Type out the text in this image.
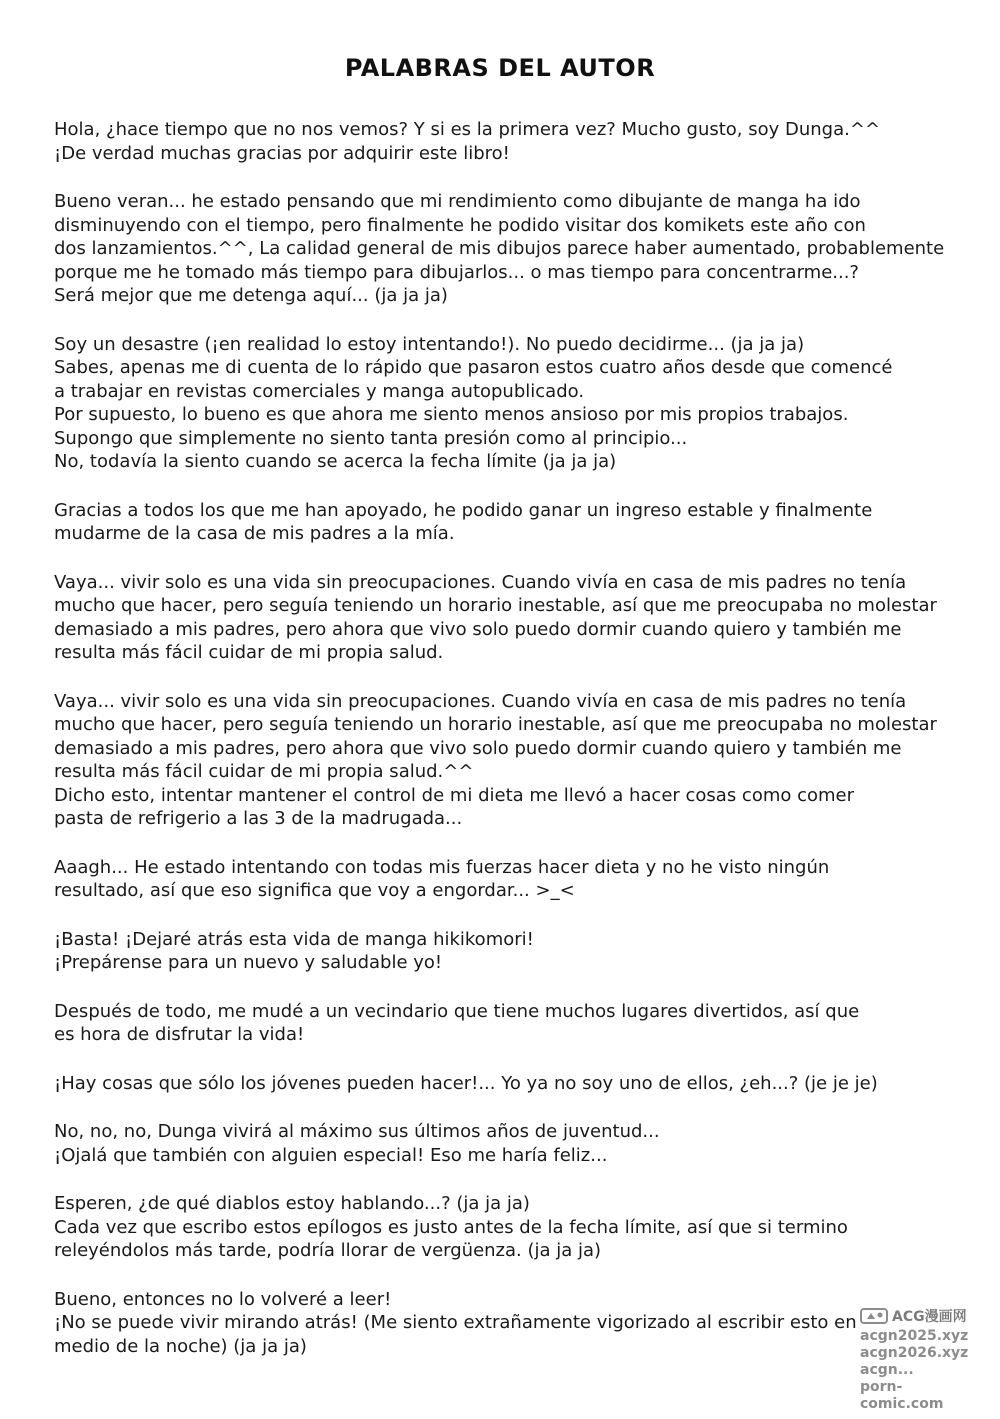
PALABRAS DEL AUTOR
Hola, ¿hace tiempo que no nos vemos? Y si es la primera vez? Mucho gusto, soy Dunga.^^
¡De verdad muchas gracias por adquirir este libro!
Bueno veran... he estado pensando que mi rendimiento como dibujante de manga ha ido
disminuyendo con el tiempo, pero finalmente he podido visitar dos komikets este año con
dos lanzamientos.^^, La calidad general de mis dibujos parece haber aumentado, probablemente
porque me he tomado más tiempo para dibujarlos... o mas tiempo para concentrarme...?
Será mejor que me detenga aquí... (ja ja ja)
Soy un desastre (¡en realidad lo estoy intentando!). No puedo decidirme... (ja ja ja)
Sabes, apenas me di cuenta de lo rápido que pasaron estos cuatro años desde que comencé
a trabajar en revistas comerciales y manga autopublicado.
Por supuesto, lo bueno es que ahora me siento menos ansioso por mis propios trabajos.
Supongo que simplemente no siento tanta presión como al principio...
No, todavía la siento cuando se acerca la fecha límite (ja ja ja)
Gracias a todos los que me han apoyado, he podido ganar un ingreso estable y finalmente
mudarme de la casa de mis padres a la mía.
Vaya... vivir solo es una vida sin preocupaciones. Cuando vivía en casa de mis padres no tenía
mucho que hacer, pero seguía teniendo un horario inestable, así que me preocupaba no molestar
demasiado a mis padres, pero ahora que vivo solo puedo dormir cuando quiero y también me
resulta más fácil cuidar de mi propia salud.
Vaya... vivir solo es una vida sin preocupaciones. Cuando vivía en casa de mis padres no tenía
mucho que hacer, pero seguía teniendo un horario inestable, así que me preocupaba no molestar
demasiado a mis padres, pero ahora que vivo solo puedo dormir cuando quiero y también me
resulta más fácil cuidar de mi propia salud.^^
Dicho esto, intentar mantener el control de mi dieta me llevó a hacer cosas como comer
pasta de refrigerio a las 3 de la madrugada...
Aaagh... He estado intentando con todas mis fuerzas hacer dieta y no he visto ningún
resultado, así que eso significa que voy a engordar... >_<
¡Basta! ¡Dejaré atrás esta vida de manga hikikomori!
¡Prepárense para un nuevo y saludable yo!
Después de todo, me mudé a un vecindario que tiene muchos lugares divertidos, así que
es hora de disfrutar la vida!
¡Hay cosas que sólo los jóvenes pueden hacer!... Yo ya no soy uno de ellos, ¿eh...? (je je je)
No, no, no, Dunga vivirá al máximo sus últimos años de juventud...
¡Ojalá que también con alguien especial! Eso me haría feliz...
Esperen, ¿de qué diablos estoy hablando...? (ja ja ja)
Cada vez que escribo estos epílogos es justo antes de la fecha límite, así que si termino
releyéndolos más tarde, podría llorar de vergüenza. (ja ja ja)
Bueno, entonces no lo volveré a leer!
¡No se puede vivir mirando atrás! (Me siento extrañamente vigorizado al escribir esto en
medio de la noche) (ja ja ja)
ACG漫画网
acgn2025.xyz
acgn2026.xyz
acgn...
porn-comic.com
